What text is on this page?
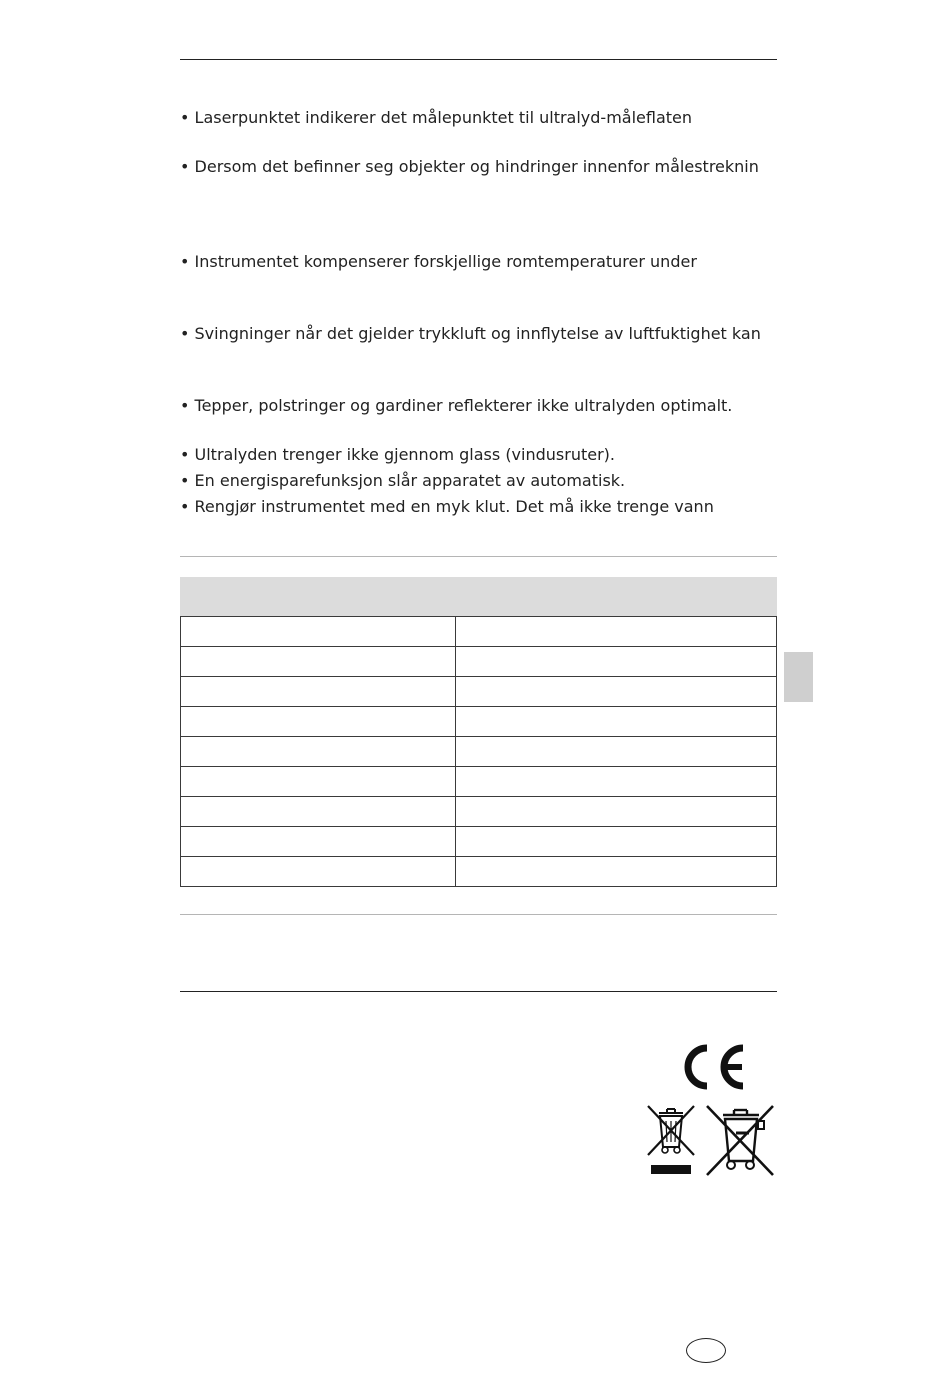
• Laserpunktet indikerer det målepunktet til ultralyd-måleflaten
• Dersom det befinner seg objekter og hindringer innenfor målestreknin
• Instrumentet kompenserer forskjellige romtemperaturer under
• Svingninger når det gjelder trykkluft og innflytelse av luftfuktighet kan
• Tepper, polstringer og gardiner reflekterer ikke ultralyden optimalt.
• Ultralyden trenger ikke gjennom glass (vindusruter).
• En energisparefunksjon slår apparatet av automatisk.
• Rengjør instrumentet med en myk klut. Det må ikke trenge vann
